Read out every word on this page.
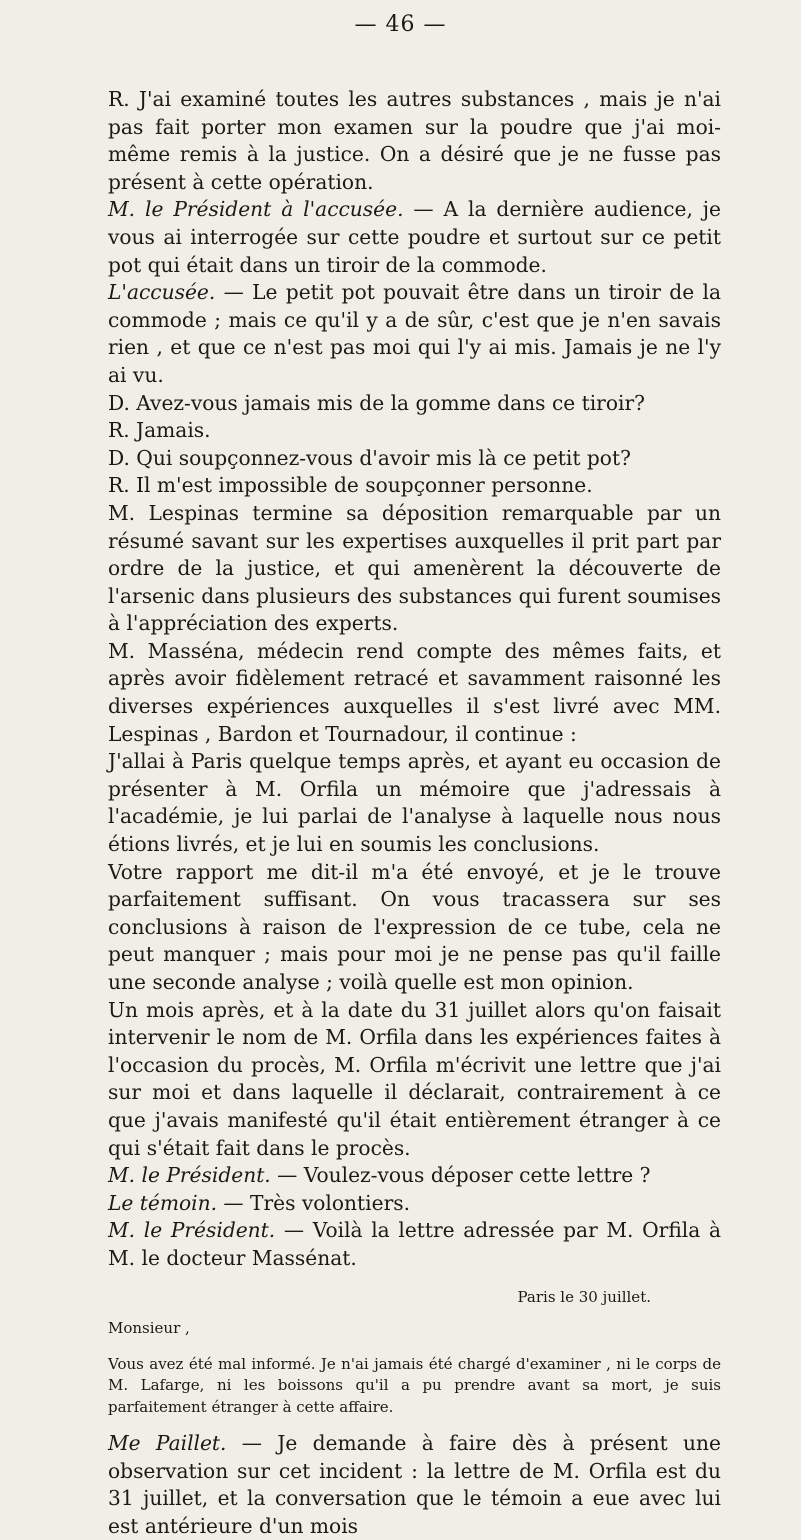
— 46 —

R. J'ai examiné toutes les autres substances , mais je n'ai pas fait porter mon examen sur la poudre que j'ai moi-même remis à la justice. On a désiré que je ne fusse pas présent à cette opération.

M. le Président à l'accusée. — A la dernière audience, je vous ai interrogée sur cette poudre et surtout sur ce petit pot qui était dans un tiroir de la commode.

L'accusée. — Le petit pot pouvait être dans un tiroir de la commode ; mais ce qu'il y a de sûr, c'est que je n'en savais rien , et que ce n'est pas moi qui l'y ai mis. Jamais je ne l'y ai vu.

D. Avez-vous jamais mis de la gomme dans ce tiroir?

R. Jamais.

D. Qui soupçonnez-vous d'avoir mis là ce petit pot?

R. Il m'est impossible de soupçonner personne.

M. Lespinas termine sa déposition remarquable par un résumé savant sur les expertises auxquelles il prit part par ordre de la justice, et qui amenèrent la découverte de l'arsenic dans plusieurs des substances qui furent soumises à l'appréciation des experts.

M. Masséna, médecin rend compte des mêmes faits, et après avoir fidèlement retracé et savamment raisonné les diverses expériences auxquelles il s'est livré avec MM. Lespinas , Bardon et Tournadour, il continue :

J'allai à Paris quelque temps après, et ayant eu occasion de présenter à M. Orfila un mémoire que j'adressais à l'académie, je lui parlai de l'analyse à laquelle nous nous étions livrés, et je lui en soumis les conclusions.

Votre rapport me dit-il m'a été envoyé, et je le trouve parfaitement suffisant. On vous tracassera sur ses conclusions à raison de l'expression de ce tube, cela ne peut manquer ; mais pour moi je ne pense pas qu'il faille une seconde analyse ; voilà quelle est mon opinion.

Un mois après, et à la date du 31 juillet alors qu'on faisait intervenir le nom de M. Orfila dans les expériences faites à l'occasion du procès, M. Orfila m'écrivit une lettre que j'ai sur moi et dans laquelle il déclarait, contrairement à ce que j'avais manifesté qu'il était entièrement étranger à ce qui s'était fait dans le procès.

M. le Président. — Voulez-vous déposer cette lettre ?

Le témoin. — Très volontiers.

M. le Président. — Voilà la lettre adressée par M. Orfila à M. le docteur Massénat.

Paris le 30 juillet.

Monsieur ,

Vous avez été mal informé. Je n'ai jamais été chargé d'examiner , ni le corps de M. Lafarge, ni les boissons qu'il a pu prendre avant sa mort, je suis parfaitement étranger à cette affaire.

Me Paillet. — Je demande à faire dès à présent une observation sur cet incident : la lettre de M. Orfila est du 31 juillet, et la conversation que le témoin a eue avec lui est antérieure d'un mois
